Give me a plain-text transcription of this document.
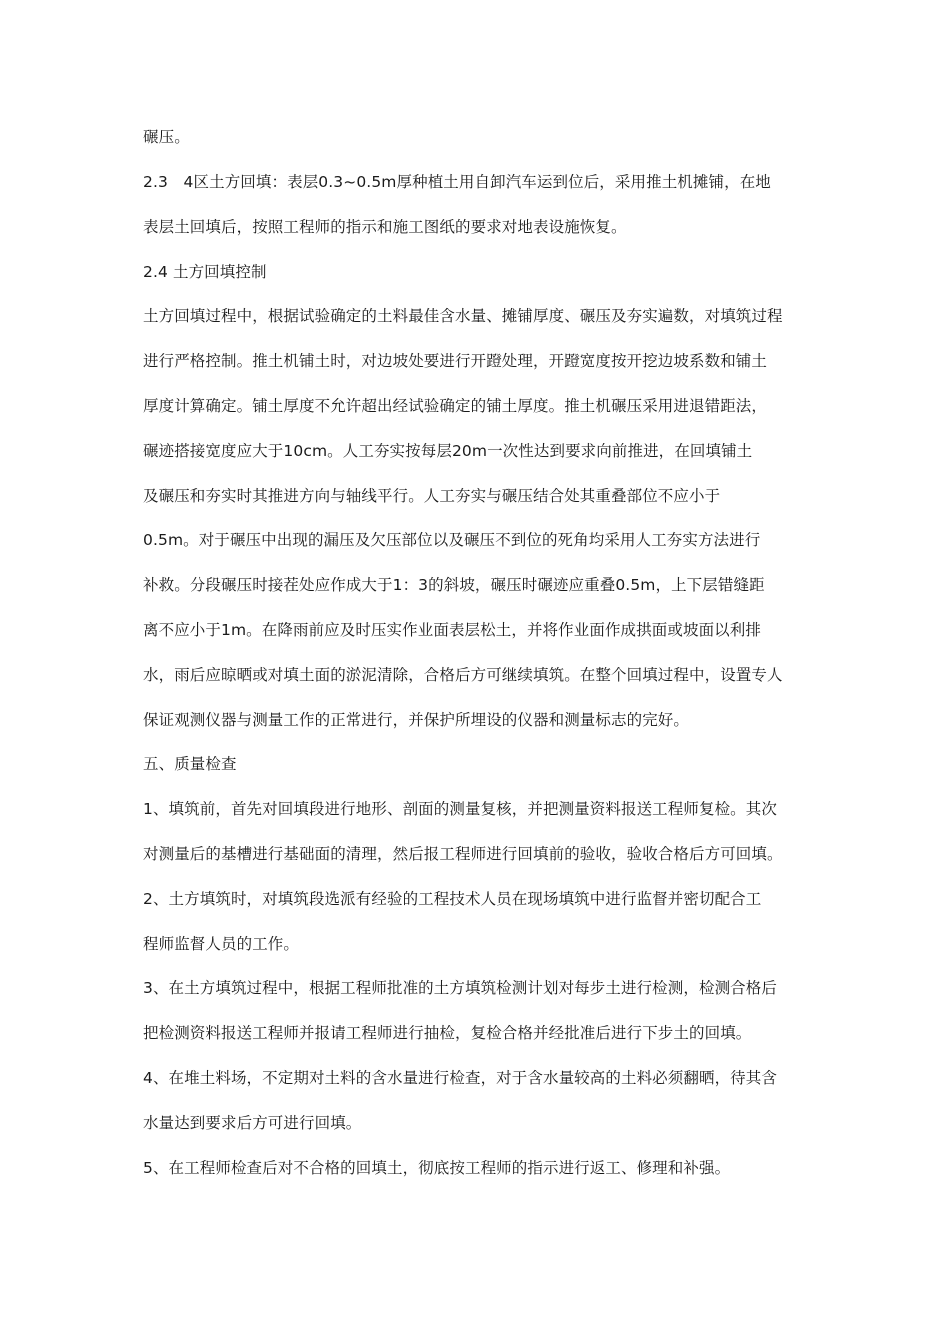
碾压。
2.3　4区土方回填：表层0.3~0.5m厚种植土用自卸汽车运到位后，采用推土机摊铺，在地
表层土回填后，按照工程师的指示和施工图纸的要求对地表设施恢复。
2.4 土方回填控制
土方回填过程中，根据试验确定的土料最佳含水量、摊铺厚度、碾压及夯实遍数，对填筑过程
进行严格控制。推土机铺土时，对边坡处要进行开蹬处理，开蹬宽度按开挖边坡系数和铺土
厚度计算确定。铺土厚度不允许超出经试验确定的铺土厚度。推土机碾压采用进退错距法，
碾迹搭接宽度应大于10cm。人工夯实按每层20m一次性达到要求向前推进，在回填铺土
及碾压和夯实时其推进方向与轴线平行。人工夯实与碾压结合处其重叠部位不应小于
0.5m。对于碾压中出现的漏压及欠压部位以及碾压不到位的死角均采用人工夯实方法进行
补救。分段碾压时接茬处应作成大于1：3的斜坡，碾压时碾迹应重叠0.5m，上下层错缝距
离不应小于1m。在降雨前应及时压实作业面表层松土，并将作业面作成拱面或坡面以利排
水，雨后应晾晒或对填土面的淤泥清除，合格后方可继续填筑。在整个回填过程中，设置专人
保证观测仪器与测量工作的正常进行，并保护所埋设的仪器和测量标志的完好。
五、质量检查
1、填筑前，首先对回填段进行地形、剖面的测量复核，并把测量资料报送工程师复检。其次
对测量后的基槽进行基础面的清理，然后报工程师进行回填前的验收，验收合格后方可回填。
2、土方填筑时，对填筑段选派有经验的工程技术人员在现场填筑中进行监督并密切配合工
程师监督人员的工作。
3、在土方填筑过程中，根据工程师批准的土方填筑检测计划对每步土进行检测，检测合格后
把检测资料报送工程师并报请工程师进行抽检，复检合格并经批准后进行下步土的回填。
4、在堆土料场，不定期对土料的含水量进行检查，对于含水量较高的土料必须翻晒，待其含
水量达到要求后方可进行回填。
5、在工程师检查后对不合格的回填土，彻底按工程师的指示进行返工、修理和补强。
